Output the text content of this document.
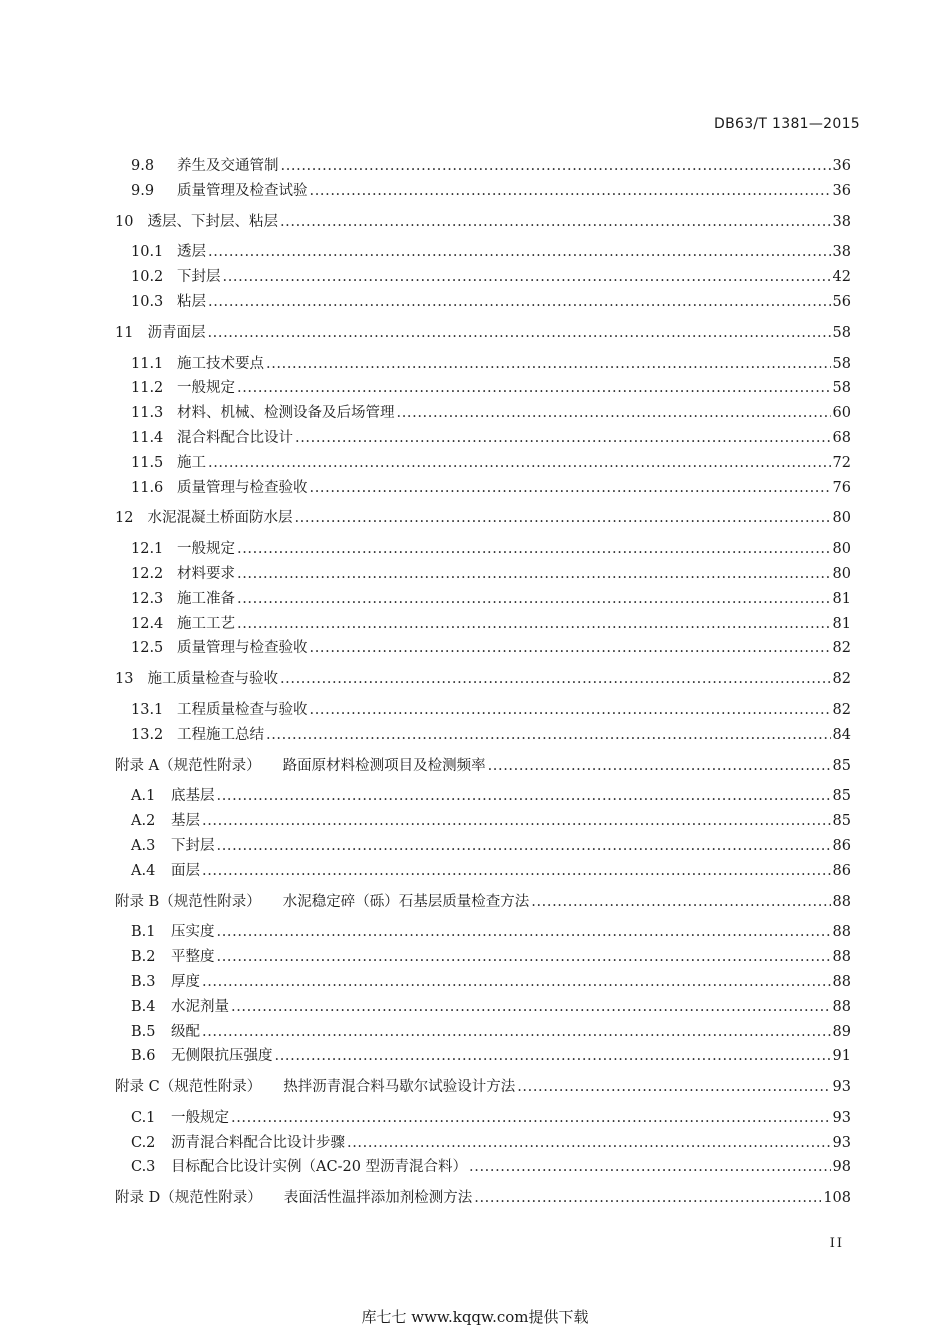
DB63/T 1381—2015
9.8	养生及交通管制 .....	36
9.9	质量管理及检查试验 .....	36
10 透层、下封层、粘层 .....	38
10.1 透层 .....	38
10.2 下封层 .....	42
10.3 粘层 .....	56
11 沥青面层 .....	58
11.1 施工技术要点 .....	58
11.2 一般规定 .....	58
11.3 材料、机械、检测设备及后场管理 .....	60
11.4 混合料配合比设计 .....	68
11.5 施工 .....	72
11.6 质量管理与检查验收 .....	76
12 水泥混凝土桥面防水层 .....	80
12.1 一般规定 .....	80
12.2 材料要求 .....	80
12.3 施工准备 .....	81
12.4 施工工艺 .....	81
12.5 质量管理与检查验收 .....	82
13 施工质量检查与验收 .....	82
13.1 工程质量检查与验收 .....	82
13.2 工程施工总结 .....	84
附录 A（规范性附录） 路面原材料检测项目及检测频率 .....	85
A.1	底基层 .....	85
A.2	基层 .....	85
A.3	下封层 .....	86
A.4	面层 .....	86
附录 B（规范性附录） 水泥稳定碎（砾）石基层质量检查方法 .....	88
B.1	压实度 .....	88
B.2	平整度 .....	88
B.3	厚度 .....	88
B.4	水泥剂量 .....	88
B.5	级配 .....	89
B.6	无侧限抗压强度 .....	91
附录 C（规范性附录） 热拌沥青混合料马歇尔试验设计方法 .....	93
C.1	一般规定 .....	93
C.2	沥青混合料配合比设计步骤 .....	93
C.3	目标配合比设计实例（AC-20 型沥青混合料） .....	98
附录 D（规范性附录） 表面活性温拌添加剂检测方法 .....	108
II
库七七 www.kqqw.com提供下载
